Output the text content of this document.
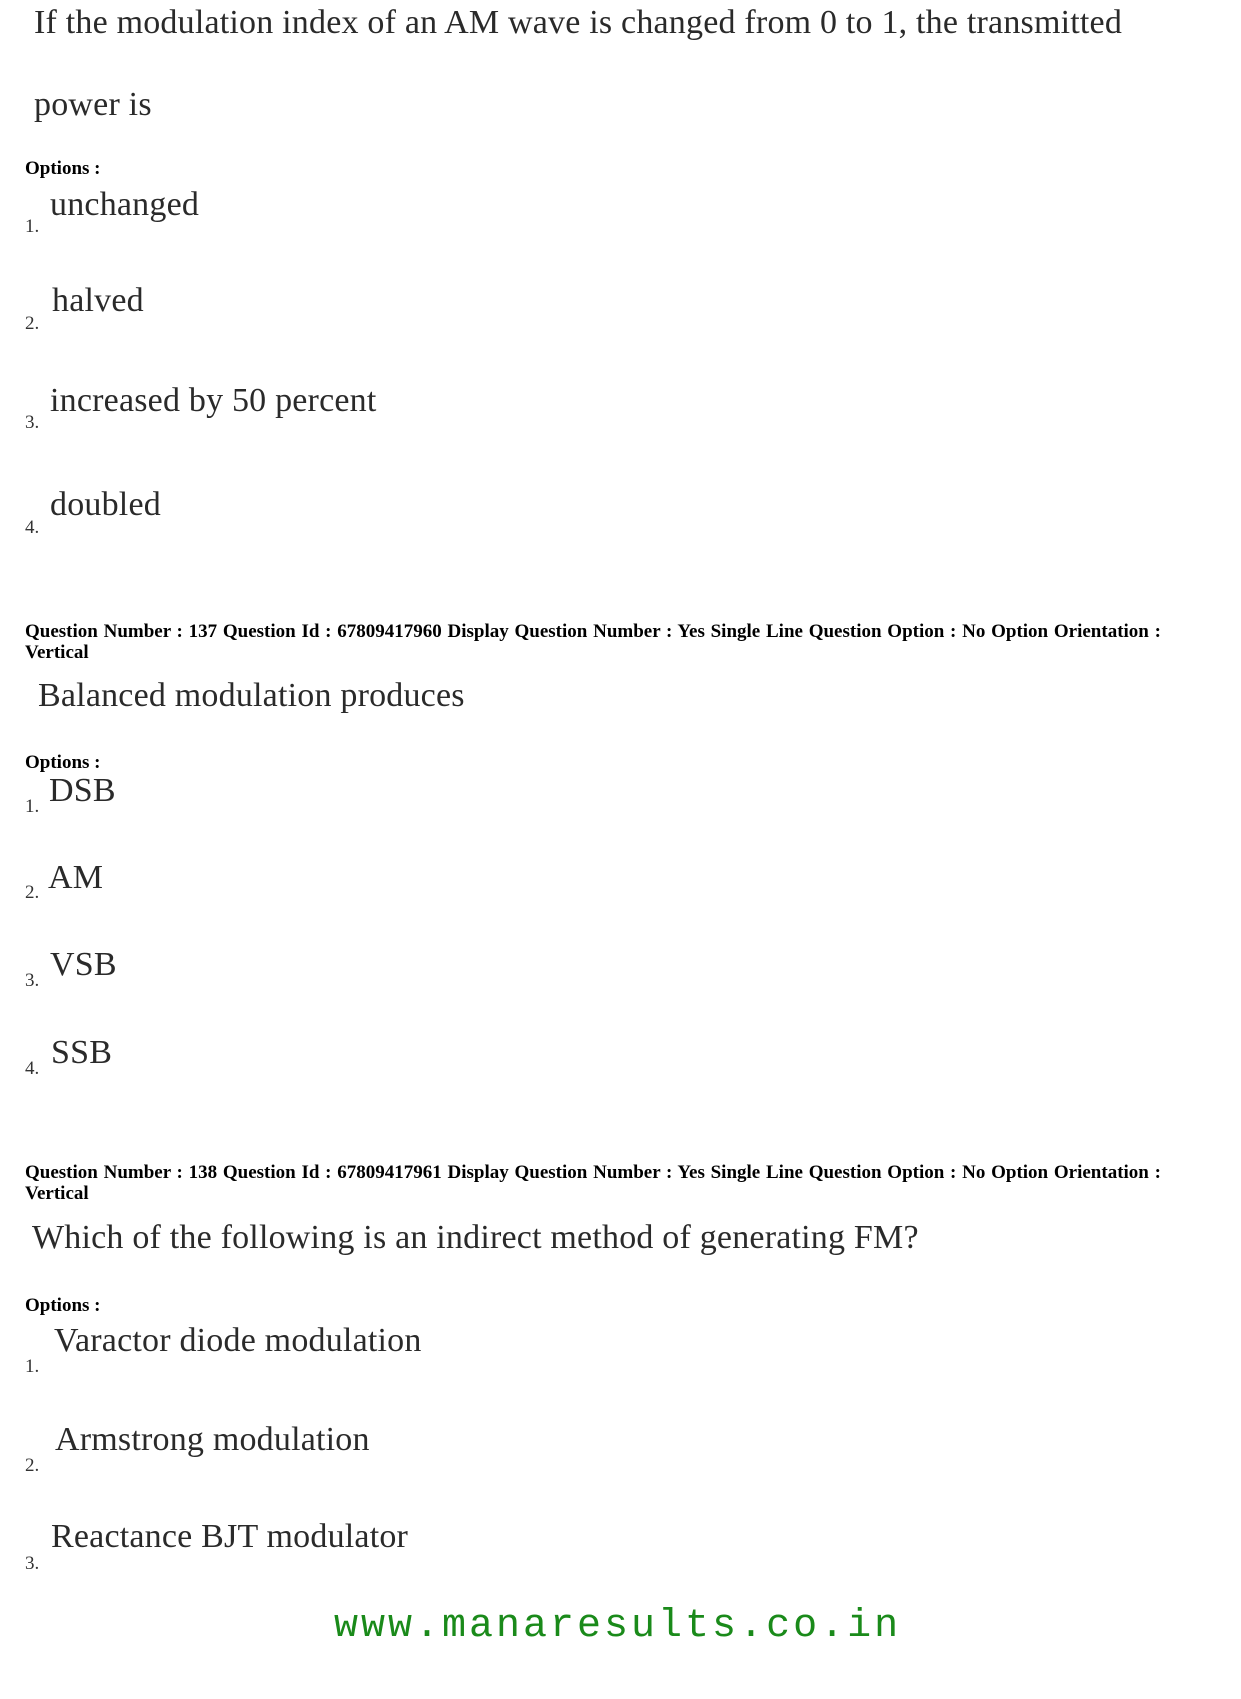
If the modulation index of an AM wave is changed from 0 to 1, the transmitted
power is
Options :
1.
unchanged
2.
halved
3.
increased by 50 percent
4.
doubled
Question Number : 137 Question Id : 67809417960 Display Question Number : Yes Single Line Question Option : No Option Orientation : Vertical
Balanced modulation produces
Options :
1. DSB
2. AM
3. VSB
4. SSB
Question Number : 138 Question Id : 67809417961 Display Question Number : Yes Single Line Question Option : No Option Orientation : Vertical
Which of the following is an indirect method of generating FM?
Options :
1.
Varactor diode modulation
2.
Armstrong modulation
3.
Reactance BJT modulator
www.manaresults.co.in
